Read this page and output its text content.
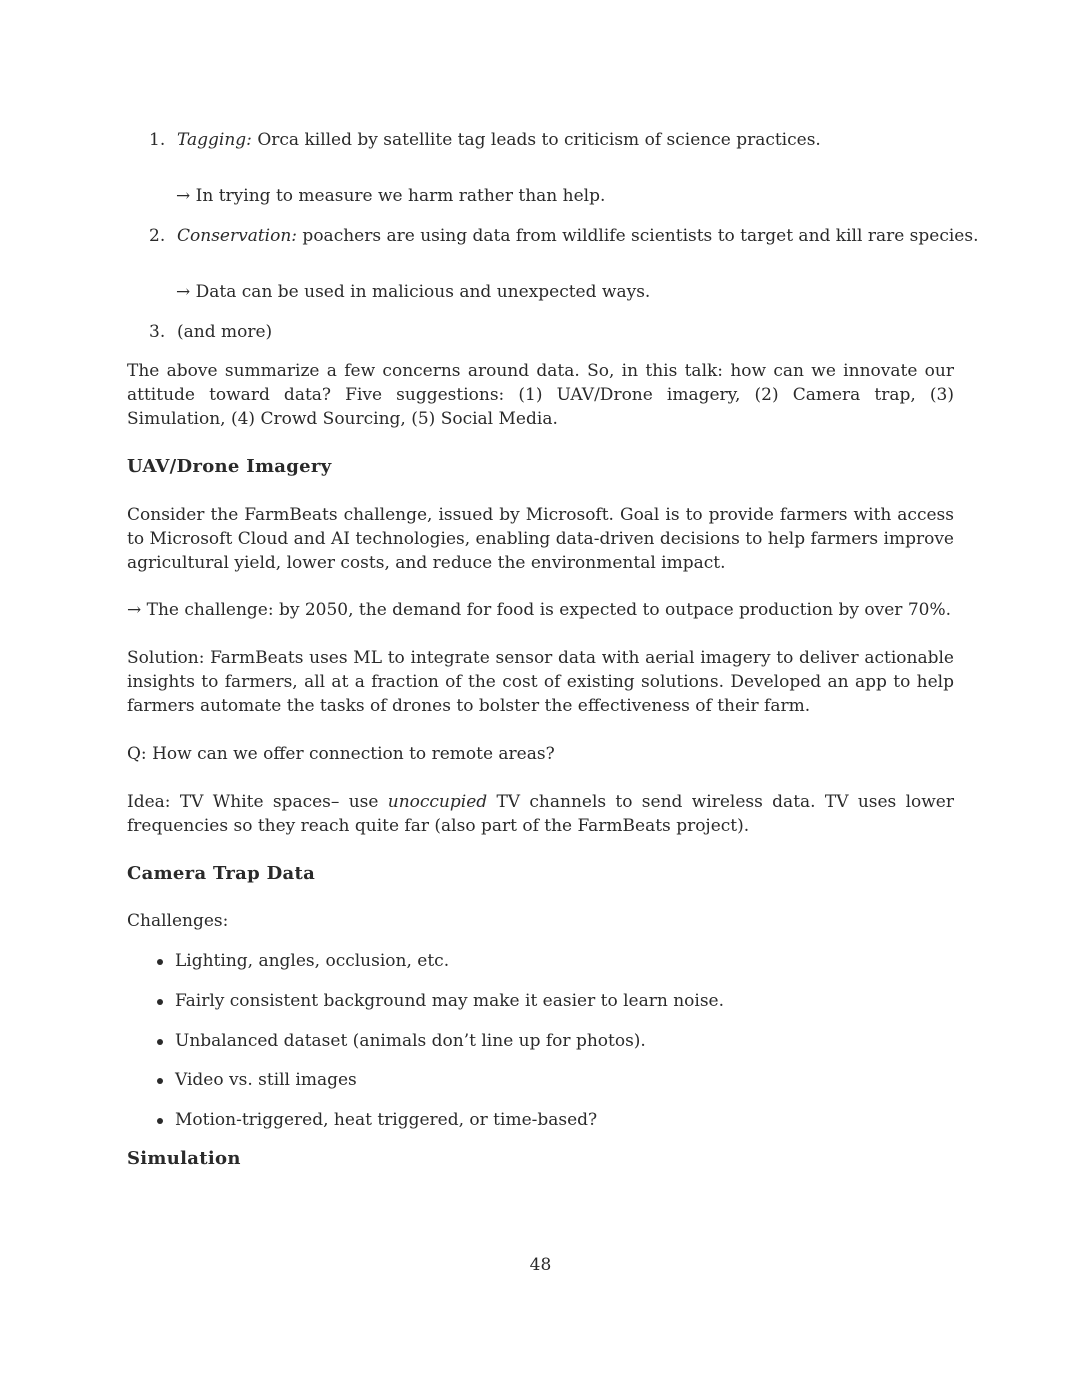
1. Tagging: Orca killed by satellite tag leads to criticism of science practices.
→ In trying to measure we harm rather than help.
2. Conservation: poachers are using data from wildlife scientists to target and kill rare species.
→ Data can be used in malicious and unexpected ways.
3. (and more)
The above summarize a few concerns around data. So, in this talk: how can we innovate our attitude toward data? Five suggestions: (1) UAV/Drone imagery, (2) Camera trap, (3) Simulation, (4) Crowd Sourcing, (5) Social Media.
UAV/Drone Imagery
Consider the FarmBeats challenge, issued by Microsoft. Goal is to provide farmers with access to Microsoft Cloud and AI technologies, enabling data-driven decisions to help farmers improve agricultural yield, lower costs, and reduce the environmental impact.
→ The challenge: by 2050, the demand for food is expected to outpace production by over 70%.
Solution: FarmBeats uses ML to integrate sensor data with aerial imagery to deliver actionable insights to farmers, all at a fraction of the cost of existing solutions. Developed an app to help farmers automate the tasks of drones to bolster the effectiveness of their farm.
Q: How can we offer connection to remote areas?
Idea: TV White spaces– use unoccupied TV channels to send wireless data. TV uses lower frequencies so they reach quite far (also part of the FarmBeats project).
Camera Trap Data
Challenges:
Lighting, angles, occlusion, etc.
Fairly consistent background may make it easier to learn noise.
Unbalanced dataset (animals don’t line up for photos).
Video vs. still images
Motion-triggered, heat triggered, or time-based?
Simulation
48
